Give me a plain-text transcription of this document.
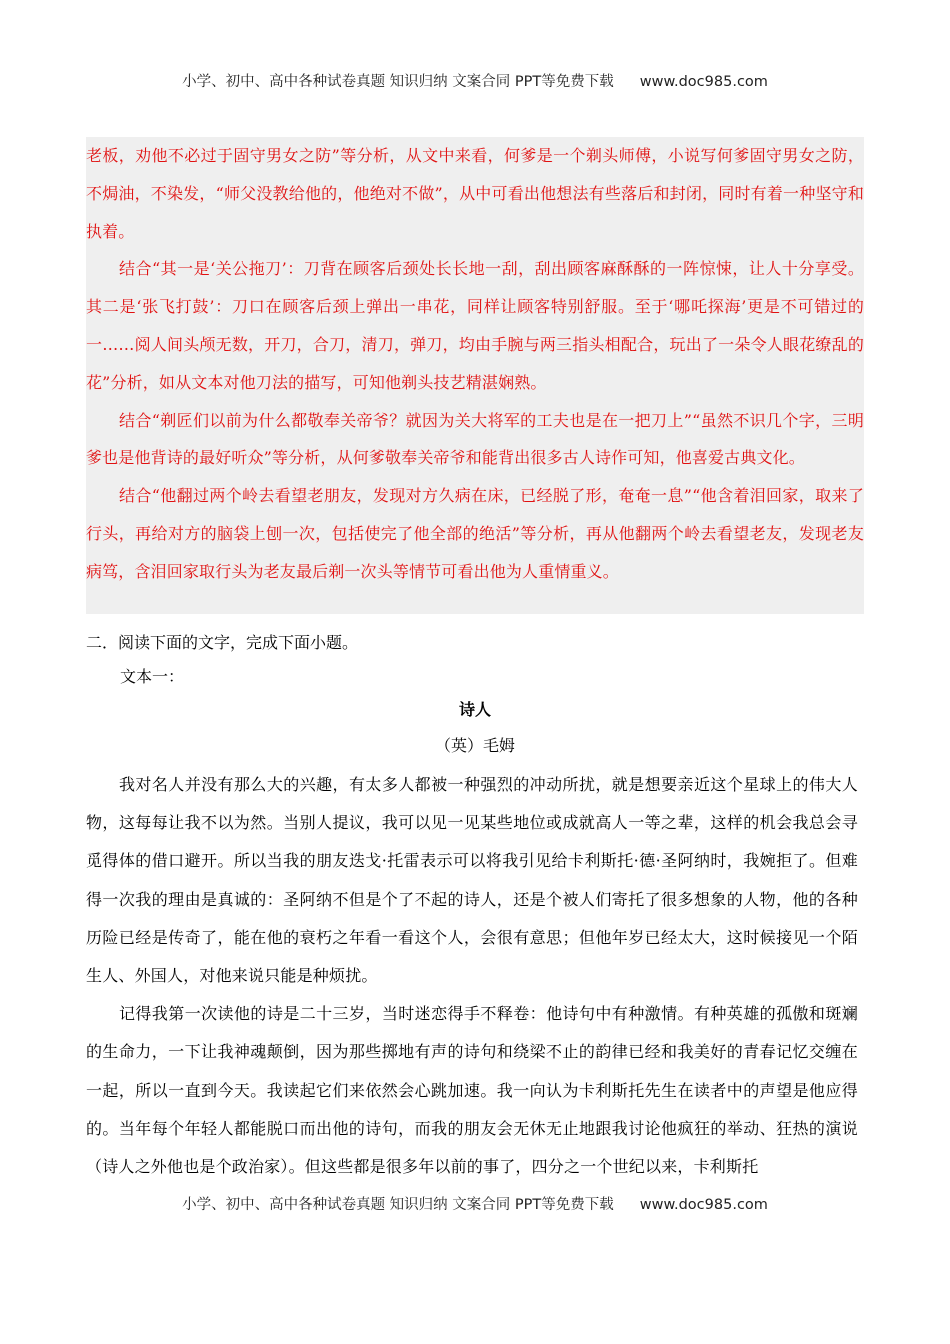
小学、初中、高中各种试卷真题 知识归纳 文案合同 PPT等免费下载 www.doc985.com

老板，劝他不必过于固守男女之防”等分析，从文中来看，何爹是一个剃头师傅，小说写何爹固守男女之防，不焗油，不染发，“师父没教给他的，他绝对不做”，从中可看出他想法有些落后和封闭，同时有着一种坚守和执着。

结合“其一是‘关公拖刀’：刀背在顾客后颈处长长地一刮，刮出顾客麻酥酥的一阵惊悚，让人十分享受。其二是‘张飞打鼓’：刀口在顾客后颈上弹出一串花，同样让顾客特别舒服。至于‘哪吒探海’更是不可错过的一……阅人间头颅无数，开刀，合刀，清刀，弹刀，均由手腕与两三指头相配合，玩出了一朵令人眼花缭乱的花”分析，如从文本对他刀法的描写，可知他剃头技艺精湛娴熟。

结合“剃匠们以前为什么都敬奉关帝爷？就因为关大将军的工夫也是在一把刀上”“虽然不识几个字，三明爹也是他背诗的最好听众”等分析，从何爹敬奉关帝爷和能背出很多古人诗作可知，他喜爱古典文化。

结合“他翻过两个岭去看望老朋友，发现对方久病在床，已经脱了形，奄奄一息”“他含着泪回家，取来了行头，再给对方的脑袋上刨一次，包括使完了他全部的绝活”等分析，再从他翻两个岭去看望老友，发现老友病笃，含泪回家取行头为老友最后剃一次头等情节可看出他为人重情重义。

二．阅读下面的文字，完成下面小题。
文本一：
诗人
（英）毛姆

我对名人并没有那么大的兴趣，有太多人都被一种强烈的冲动所扰，就是想要亲近这个星球上的伟大人物，这每每让我不以为然。当别人提议，我可以见一见某些地位或成就高人一等之辈，这样的机会我总会寻觅得体的借口避开。所以当我的朋友迭戈·托雷表示可以将我引见给卡利斯托·德·圣阿纳时，我婉拒了。但难得一次我的理由是真诚的：圣阿纳不但是个了不起的诗人，还是个被人们寄托了很多想象的人物，他的各种历险已经是传奇了，能在他的衰朽之年看一看这个人，会很有意思；但他年岁已经太大，这时候接见一个陌生人、外国人，对他来说只能是种烦扰。

记得我第一次读他的诗是二十三岁，当时迷恋得手不释卷：他诗句中有种激情。有种英雄的孤傲和斑斓的生命力，一下让我神魂颠倒，因为那些掷地有声的诗句和绕梁不止的韵律已经和我美好的青春记忆交缠在一起，所以一直到今天。我读起它们来依然会心跳加速。我一向认为卡利斯托先生在读者中的声望是他应得的。当年每个年轻人都能脱口而出他的诗句，而我的朋友会无休无止地跟我讨论他疯狂的举动、狂热的演说（诗人之外他也是个政治家）。但这些都是很多年以前的事了，四分之一个世纪以来，卡利斯托

小学、初中、高中各种试卷真题 知识归纳 文案合同 PPT等免费下载 www.doc985.com
